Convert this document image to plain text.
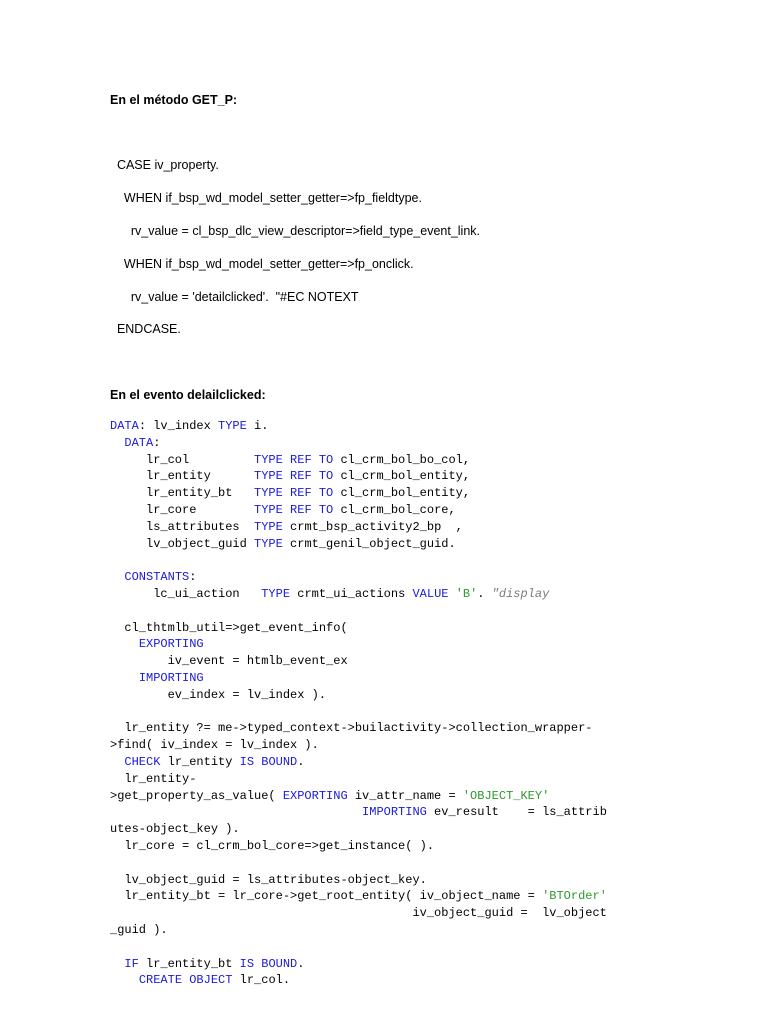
En el método GET_P:
CASE iv_property.
WHEN if_bsp_wd_model_setter_getter=>fp_fieldtype.
rv_value = cl_bsp_dlc_view_descriptor=>field_type_event_link.
WHEN if_bsp_wd_model_setter_getter=>fp_onclick.
rv_value = 'detailclicked'.  "#EC NOTEXT
ENDCASE.
En el evento delailclicked:
DATA: lv_index TYPE i.
DATA:
lr_col         TYPE REF TO cl_crm_bol_bo_col,
lr_entity      TYPE REF TO cl_crm_bol_entity,
lr_entity_bt   TYPE REF TO cl_crm_bol_entity,
lr_core        TYPE REF TO cl_crm_bol_core,
ls_attributes  TYPE crmt_bsp_activity2_bp  ,
lv_object_guid TYPE crmt_genil_object_guid.
CONSTANTS:
lc_ui_action   TYPE crmt_ui_actions VALUE 'B'. "display
cl_thtmlb_util=>get_event_info(
EXPORTING
iv_event = htmlb_event_ex
IMPORTING
ev_index = lv_index ).
lr_entity ?= me->typed_context->builactivity->collection_wrapper-
>find( iv_index = lv_index ).
CHECK lr_entity IS BOUND.
lr_entity-
>get_property_as_value( EXPORTING iv_attr_name = 'OBJECT_KEY'
IMPORTING ev_result    = ls_attrib
utes-object_key ).
lr_core = cl_crm_bol_core=>get_instance( ).
lv_object_guid = ls_attributes-object_key.
lr_entity_bt = lr_core->get_root_entity( iv_object_name = 'BTOrder'
iv_object_guid =  lv_object
_guid ).
IF lr_entity_bt IS BOUND.
CREATE OBJECT lr_col.
